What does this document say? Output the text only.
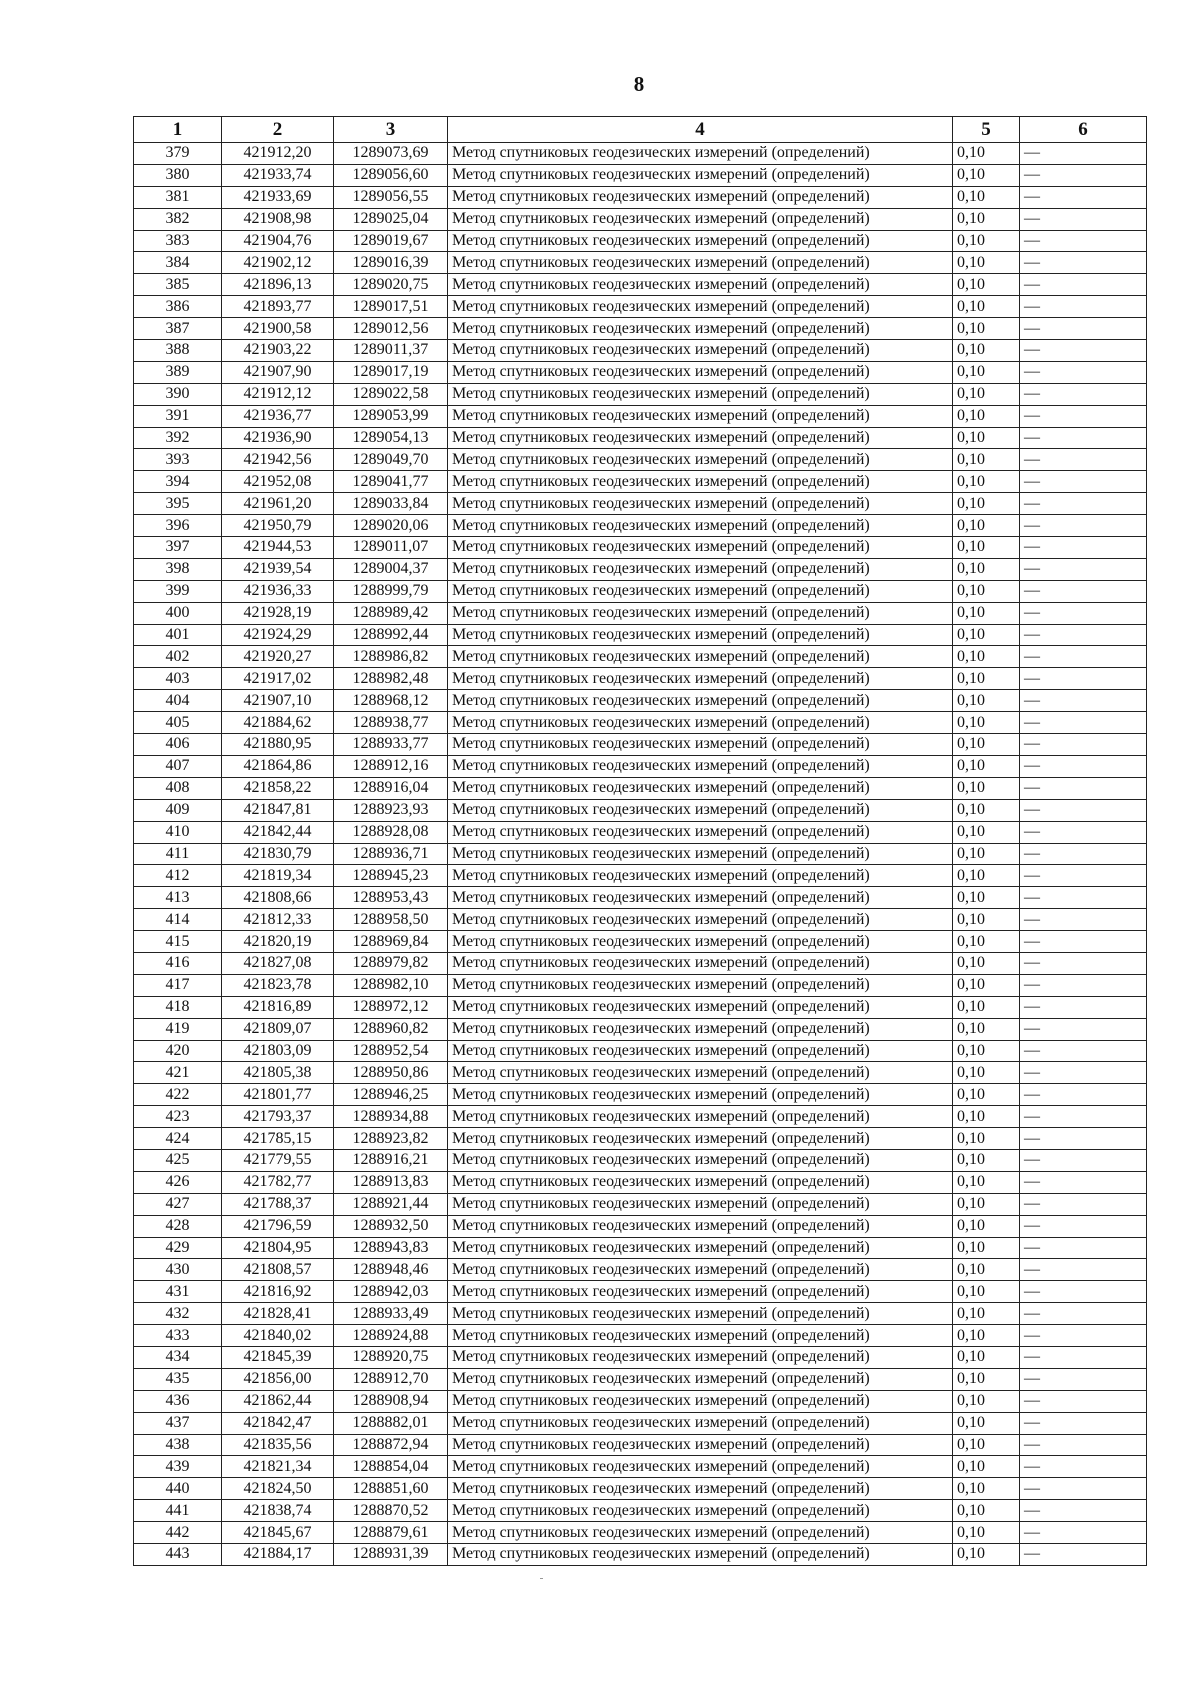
8
1	2	3	4	5	6
379	421912,20	1289073,69	Метод спутниковых геодезических измерений (определений)	0,10	—
380	421933,74	1289056,60	Метод спутниковых геодезических измерений (определений)	0,10	—
381	421933,69	1289056,55	Метод спутниковых геодезических измерений (определений)	0,10	—
382	421908,98	1289025,04	Метод спутниковых геодезических измерений (определений)	0,10	—
383	421904,76	1289019,67	Метод спутниковых геодезических измерений (определений)	0,10	—
384	421902,12	1289016,39	Метод спутниковых геодезических измерений (определений)	0,10	—
385	421896,13	1289020,75	Метод спутниковых геодезических измерений (определений)	0,10	—
386	421893,77	1289017,51	Метод спутниковых геодезических измерений (определений)	0,10	—
387	421900,58	1289012,56	Метод спутниковых геодезических измерений (определений)	0,10	—
388	421903,22	1289011,37	Метод спутниковых геодезических измерений (определений)	0,10	—
389	421907,90	1289017,19	Метод спутниковых геодезических измерений (определений)	0,10	—
390	421912,12	1289022,58	Метод спутниковых геодезических измерений (определений)	0,10	—
391	421936,77	1289053,99	Метод спутниковых геодезических измерений (определений)	0,10	—
392	421936,90	1289054,13	Метод спутниковых геодезических измерений (определений)	0,10	—
393	421942,56	1289049,70	Метод спутниковых геодезических измерений (определений)	0,10	—
394	421952,08	1289041,77	Метод спутниковых геодезических измерений (определений)	0,10	—
395	421961,20	1289033,84	Метод спутниковых геодезических измерений (определений)	0,10	—
396	421950,79	1289020,06	Метод спутниковых геодезических измерений (определений)	0,10	—
397	421944,53	1289011,07	Метод спутниковых геодезических измерений (определений)	0,10	—
398	421939,54	1289004,37	Метод спутниковых геодезических измерений (определений)	0,10	—
399	421936,33	1288999,79	Метод спутниковых геодезических измерений (определений)	0,10	—
400	421928,19	1288989,42	Метод спутниковых геодезических измерений (определений)	0,10	—
401	421924,29	1288992,44	Метод спутниковых геодезических измерений (определений)	0,10	—
402	421920,27	1288986,82	Метод спутниковых геодезических измерений (определений)	0,10	—
403	421917,02	1288982,48	Метод спутниковых геодезических измерений (определений)	0,10	—
404	421907,10	1288968,12	Метод спутниковых геодезических измерений (определений)	0,10	—
405	421884,62	1288938,77	Метод спутниковых геодезических измерений (определений)	0,10	—
406	421880,95	1288933,77	Метод спутниковых геодезических измерений (определений)	0,10	—
407	421864,86	1288912,16	Метод спутниковых геодезических измерений (определений)	0,10	—
408	421858,22	1288916,04	Метод спутниковых геодезических измерений (определений)	0,10	—
409	421847,81	1288923,93	Метод спутниковых геодезических измерений (определений)	0,10	—
410	421842,44	1288928,08	Метод спутниковых геодезических измерений (определений)	0,10	—
411	421830,79	1288936,71	Метод спутниковых геодезических измерений (определений)	0,10	—
412	421819,34	1288945,23	Метод спутниковых геодезических измерений (определений)	0,10	—
413	421808,66	1288953,43	Метод спутниковых геодезических измерений (определений)	0,10	—
414	421812,33	1288958,50	Метод спутниковых геодезических измерений (определений)	0,10	—
415	421820,19	1288969,84	Метод спутниковых геодезических измерений (определений)	0,10	—
416	421827,08	1288979,82	Метод спутниковых геодезических измерений (определений)	0,10	—
417	421823,78	1288982,10	Метод спутниковых геодезических измерений (определений)	0,10	—
418	421816,89	1288972,12	Метод спутниковых геодезических измерений (определений)	0,10	—
419	421809,07	1288960,82	Метод спутниковых геодезических измерений (определений)	0,10	—
420	421803,09	1288952,54	Метод спутниковых геодезических измерений (определений)	0,10	—
421	421805,38	1288950,86	Метод спутниковых геодезических измерений (определений)	0,10	—
422	421801,77	1288946,25	Метод спутниковых геодезических измерений (определений)	0,10	—
423	421793,37	1288934,88	Метод спутниковых геодезических измерений (определений)	0,10	—
424	421785,15	1288923,82	Метод спутниковых геодезических измерений (определений)	0,10	—
425	421779,55	1288916,21	Метод спутниковых геодезических измерений (определений)	0,10	—
426	421782,77	1288913,83	Метод спутниковых геодезических измерений (определений)	0,10	—
427	421788,37	1288921,44	Метод спутниковых геодезических измерений (определений)	0,10	—
428	421796,59	1288932,50	Метод спутниковых геодезических измерений (определений)	0,10	—
429	421804,95	1288943,83	Метод спутниковых геодезических измерений (определений)	0,10	—
430	421808,57	1288948,46	Метод спутниковых геодезических измерений (определений)	0,10	—
431	421816,92	1288942,03	Метод спутниковых геодезических измерений (определений)	0,10	—
432	421828,41	1288933,49	Метод спутниковых геодезических измерений (определений)	0,10	—
433	421840,02	1288924,88	Метод спутниковых геодезических измерений (определений)	0,10	—
434	421845,39	1288920,75	Метод спутниковых геодезических измерений (определений)	0,10	—
435	421856,00	1288912,70	Метод спутниковых геодезических измерений (определений)	0,10	—
436	421862,44	1288908,94	Метод спутниковых геодезических измерений (определений)	0,10	—
437	421842,47	1288882,01	Метод спутниковых геодезических измерений (определений)	0,10	—
438	421835,56	1288872,94	Метод спутниковых геодезических измерений (определений)	0,10	—
439	421821,34	1288854,04	Метод спутниковых геодезических измерений (определений)	0,10	—
440	421824,50	1288851,60	Метод спутниковых геодезических измерений (определений)	0,10	—
441	421838,74	1288870,52	Метод спутниковых геодезических измерений (определений)	0,10	—
442	421845,67	1288879,61	Метод спутниковых геодезических измерений (определений)	0,10	—
443	421884,17	1288931,39	Метод спутниковых геодезических измерений (определений)	0,10	—
